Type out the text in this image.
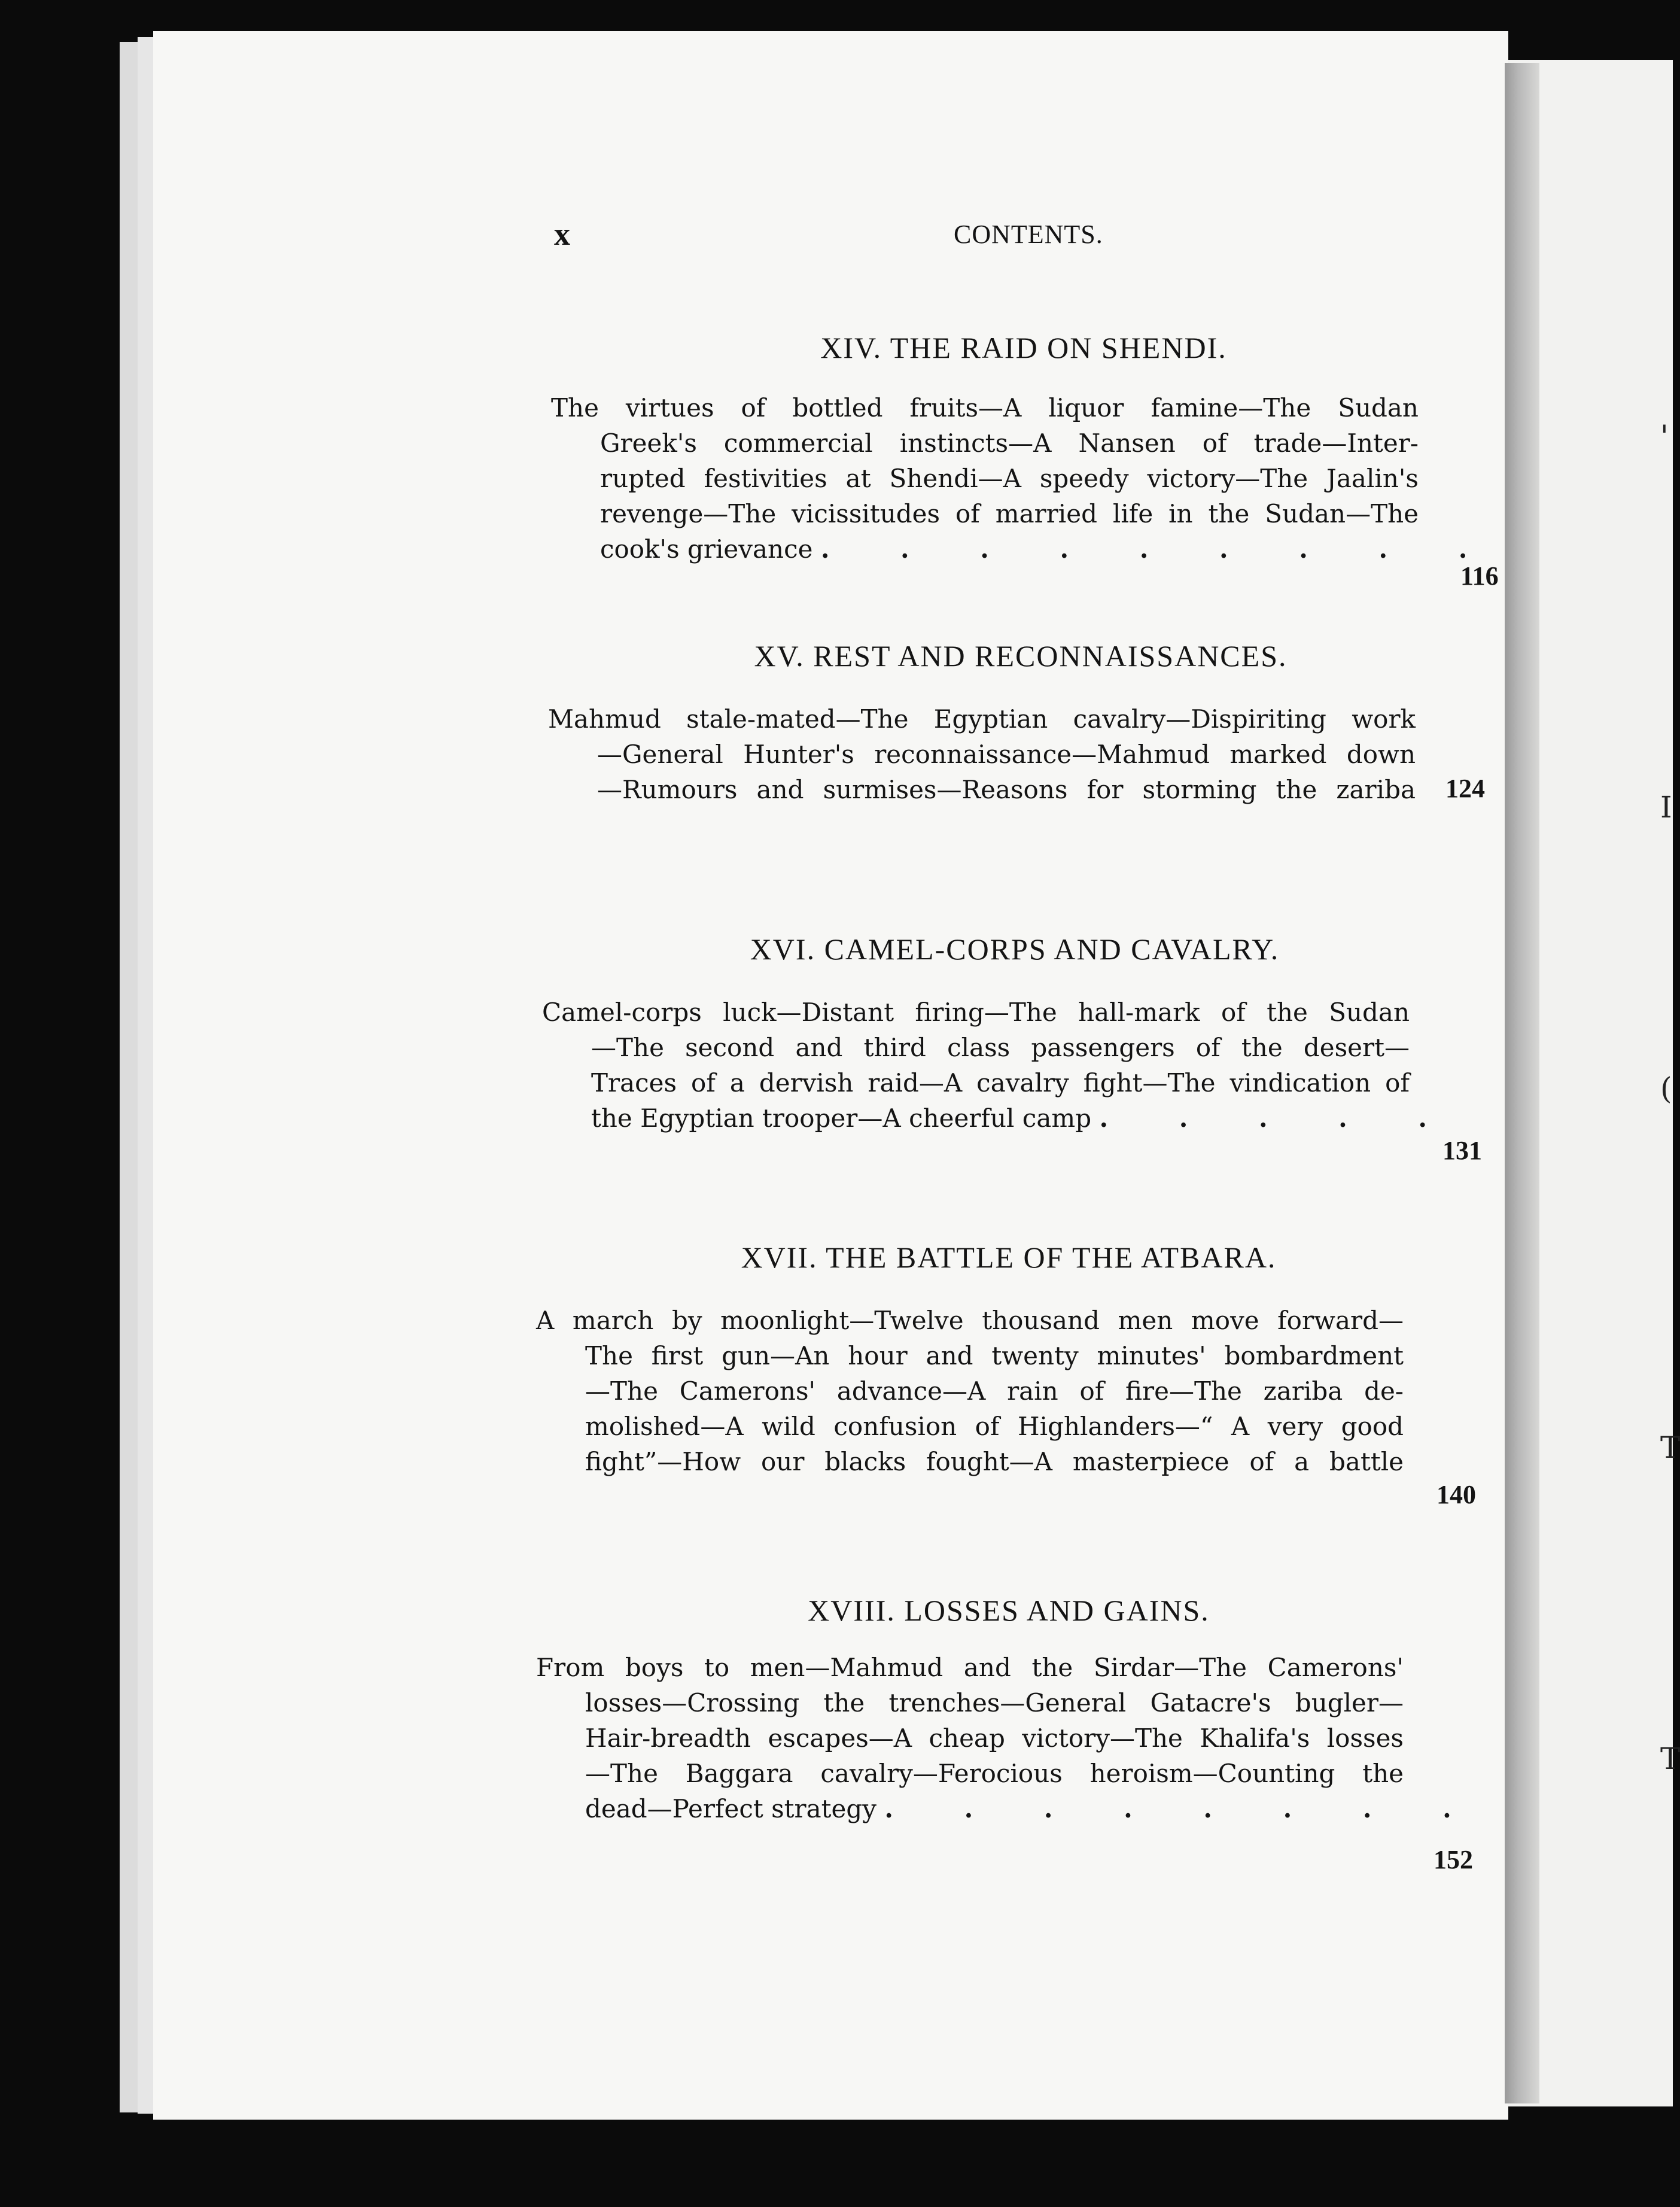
x	CONTENTS.
XIV. THE RAID ON SHENDI.
The virtues of bottled fruits—A liquor famine—The Sudan
Greek's commercial instincts—A Nansen of trade—Inter-
rupted festivities at Shendi—A speedy victory—The Jaalin's
revenge—The vicissitudes of married life in the Sudan—The
cook's grievance . . . . . . . . .
116
XV. REST AND RECONNAISSANCES.
Mahmud stale-mated—The Egyptian cavalry—Dispiriting work
—General Hunter's reconnaissance—Mahmud marked down
—Rumours and surmises—Reasons for storming the zariba 124
XVI. CAMEL-CORPS AND CAVALRY.
Camel-corps luck—Distant firing—The hall-mark of the Sudan
—The second and third class passengers of the desert—
Traces of a dervish raid—A cavalry fight—The vindication of
the Egyptian trooper—A cheerful camp . . . . .
131
XVII. THE BATTLE OF THE ATBARA.
A march by moonlight—Twelve thousand men move forward—
The first gun—An hour and twenty minutes' bombardment
—The Camerons' advance—A rain of fire—The zariba de-
molished—A wild confusion of Highlanders—“ A very good
fight”—How our blacks fought—A masterpiece of a battle
140
XVIII. LOSSES AND GAINS.
From boys to men—Mahmud and the Sirdar—The Camerons'
losses—Crossing the trenches—General Gatacre's bugler—
Hair-breadth escapes—A cheap victory—The Khalifa's losses
—The Baggara cavalry—Ferocious heroism—Counting the
dead—Perfect strategy . . . . . . . .
152
'
I
(
T
T
